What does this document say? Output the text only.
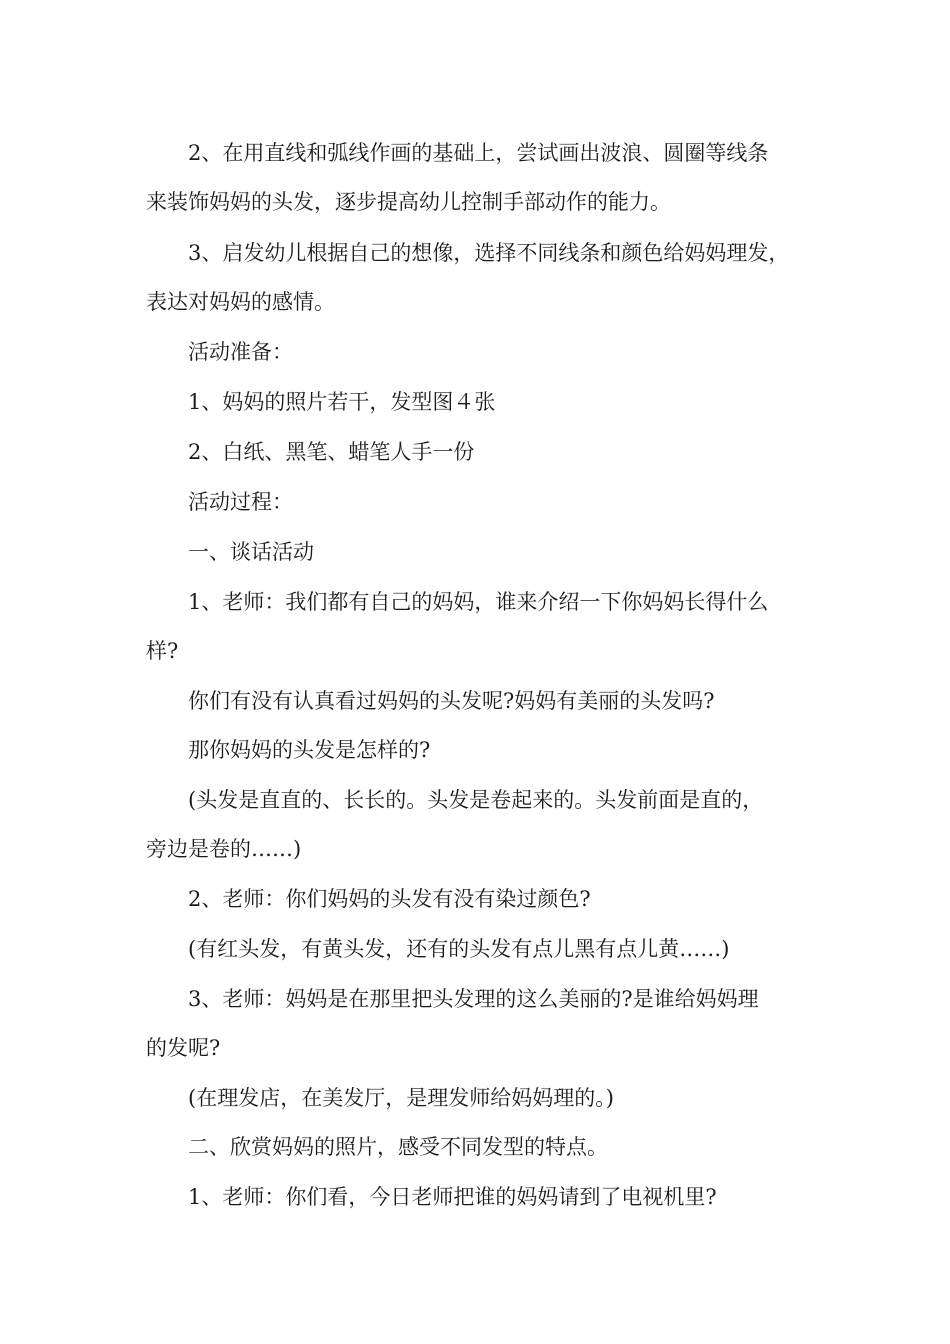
2、在用直线和弧线作画的基础上，尝试画出波浪、圆圈等线条

来装饰妈妈的头发，逐步提高幼儿控制手部动作的能力。

3、启发幼儿根据自己的想像，选择不同线条和颜色给妈妈理发，

表达对妈妈的感情。

活动准备：

1、妈妈的照片若干，发型图４张

2、白纸、黑笔、蜡笔人手一份

活动过程：

一、谈话活动

1、老师：我们都有自己的妈妈，谁来介绍一下你妈妈长得什么

样?

你们有没有认真看过妈妈的头发呢?妈妈有美丽的头发吗?

那你妈妈的头发是怎样的?

(头发是直直的、长长的。头发是卷起来的。头发前面是直的，

旁边是卷的……)

2、老师：你们妈妈的头发有没有染过颜色?

(有红头发，有黄头发，还有的头发有点儿黑有点儿黄……)

3、老师：妈妈是在那里把头发理的这么美丽的?是谁给妈妈理

的发呢?

(在理发店，在美发厅，是理发师给妈妈理的。)

二、欣赏妈妈的照片，感受不同发型的特点。

1、老师：你们看，今日老师把谁的妈妈请到了电视机里?
